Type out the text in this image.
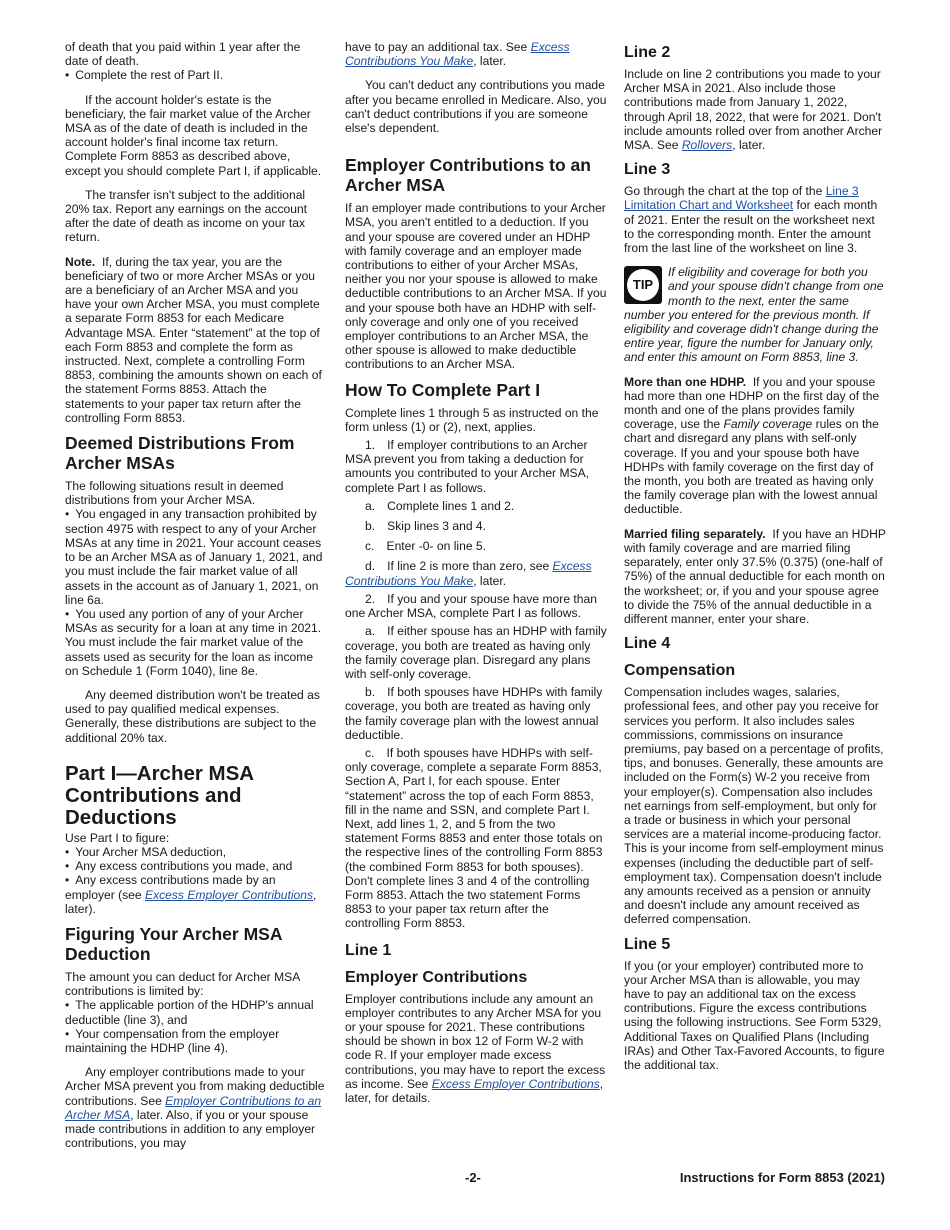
of death that you paid within 1 year after the date of death.

• Complete the rest of Part II.

If the account holder's estate is the beneficiary, the fair market value of the Archer MSA as of the date of death is included in the account holder's final income tax return. Complete Form 8853 as described above, except you should complete Part I, if applicable.

The transfer isn't subject to the additional 20% tax. Report any earnings on the account after the date of death as income on your tax return.

Note. If, during the tax year, you are the beneficiary of two or more Archer MSAs or you are a beneficiary of an Archer MSA and you have your own Archer MSA, you must complete a separate Form 8853 for each Medicare Advantage MSA. Enter “statement” at the top of each Form 8853 and complete the form as instructed. Next, complete a controlling Form 8853, combining the amounts shown on each of the statement Forms 8853. Attach the statements to your paper tax return after the controlling Form 8853.

Deemed Distributions From Archer MSAs

The following situations result in deemed distributions from your Archer MSA.

• You engaged in any transaction prohibited by section 4975 with respect to any of your Archer MSAs at any time in 2021. Your account ceases to be an Archer MSA as of January 1, 2021, and you must include the fair market value of all assets in the account as of January 1, 2021, on line 6a.

• You used any portion of any of your Archer MSAs as security for a loan at any time in 2021. You must include the fair market value of the assets used as security for the loan as income on Schedule 1 (Form 1040), line 8e.

Any deemed distribution won't be treated as used to pay qualified medical expenses. Generally, these distributions are subject to the additional 20% tax.

Part I—Archer MSA Contributions and Deductions

Use Part I to figure:

• Your Archer MSA deduction,

• Any excess contributions you made, and

• Any excess contributions made by an employer (see Excess Employer Contributions, later).

Figuring Your Archer MSA Deduction

The amount you can deduct for Archer MSA contributions is limited by:

• The applicable portion of the HDHP's annual deductible (line 3), and

• Your compensation from the employer maintaining the HDHP (line 4).

Any employer contributions made to your Archer MSA prevent you from making deductible contributions. See Employer Contributions to an Archer MSA, later. Also, if you or your spouse made contributions in addition to any employer contributions, you may

have to pay an additional tax. See Excess Contributions You Make, later.

You can't deduct any contributions you made after you became enrolled in Medicare. Also, you can't deduct contributions if you are someone else's dependent.

Employer Contributions to an Archer MSA

If an employer made contributions to your Archer MSA, you aren't entitled to a deduction. If you and your spouse are covered under an HDHP with family coverage and an employer made contributions to either of your Archer MSAs, neither you nor your spouse is allowed to make deductible contributions to an Archer MSA. If you and your spouse both have an HDHP with self-only coverage and only one of you received employer contributions to an Archer MSA, the other spouse is allowed to make deductible contributions to an Archer MSA.

How To Complete Part I

Complete lines 1 through 5 as instructed on the form unless (1) or (2), next, applies.

1. If employer contributions to an Archer MSA prevent you from taking a deduction for amounts you contributed to your Archer MSA, complete Part I as follows.

a. Complete lines 1 and 2.

b. Skip lines 3 and 4.

c. Enter -0- on line 5.

d. If line 2 is more than zero, see Excess Contributions You Make, later.

2. If you and your spouse have more than one Archer MSA, complete Part I as follows.

a. If either spouse has an HDHP with family coverage, you both are treated as having only the family coverage plan. Disregard any plans with self-only coverage.

b. If both spouses have HDHPs with family coverage, you both are treated as having only the family coverage plan with the lowest annual deductible.

c. If both spouses have HDHPs with self-only coverage, complete a separate Form 8853, Section A, Part I, for each spouse. Enter “statement” across the top of each Form 8853, fill in the name and SSN, and complete Part I. Next, add lines 1, 2, and 5 from the two statement Forms 8853 and enter those totals on the respective lines of the controlling Form 8853 (the combined Form 8853 for both spouses). Don't complete lines 3 and 4 of the controlling Form 8853. Attach the two statement Forms 8853 to your paper tax return after the controlling Form 8853.

Line 1
Employer Contributions

Employer contributions include any amount an employer contributes to any Archer MSA for you or your spouse for 2021. These contributions should be shown in box 12 of Form W-2 with code R. If your employer made excess contributions, you may have to report the excess as income. See Excess Employer Contributions, later, for details.

Line 2

Include on line 2 contributions you made to your Archer MSA in 2021. Also include those contributions made from January 1, 2022, through April 18, 2022, that were for 2021. Don't include amounts rolled over from another Archer MSA. See Rollovers, later.

Line 3

Go through the chart at the top of the Line 3 Limitation Chart and Worksheet for each month of 2021. Enter the result on the worksheet next to the corresponding month. Enter the amount from the last line of the worksheet on line 3.

TIP

If eligibility and coverage for both you and your spouse didn't change from one month to the next, enter the same
number you entered for the previous month. If eligibility and coverage didn't change during the entire year, figure the number for January only, and enter this amount on Form 8853, line 3.

More than one HDHP. If you and your spouse had more than one HDHP on the first day of the month and one of the plans provides family coverage, use the Family coverage rules on the chart and disregard any plans with self-only coverage. If you and your spouse both have HDHPs with family coverage on the first day of the month, you both are treated as having only the family coverage plan with the lowest annual deductible.

Married filing separately. If you have an HDHP with family coverage and are married filing separately, enter only 37.5% (0.375) (one-half of 75%) of the annual deductible for each month on the worksheet; or, if you and your spouse agree to divide the 75% of the annual deductible in a different manner, enter your share.

Line 4
Compensation

Compensation includes wages, salaries, professional fees, and other pay you receive for services you perform. It also includes sales commissions, commissions on insurance premiums, pay based on a percentage of profits, tips, and bonuses. Generally, these amounts are included on the Form(s) W-2 you receive from your employer(s). Compensation also includes net earnings from self-employment, but only for a trade or business in which your personal services are a material income-producing factor. This is your income from self-employment minus expenses (including the deductible part of self-employment tax). Compensation doesn't include any amounts received as a pension or annuity and doesn't include any amount received as deferred compensation.

Line 5

If you (or your employer) contributed more to your Archer MSA than is allowable, you may have to pay an additional tax on the excess contributions. Figure the excess contributions using the following instructions. See Form 5329, Additional Taxes on Qualified Plans (Including IRAs) and Other Tax-Favored Accounts, to figure the additional tax.

-2-	Instructions for Form 8853 (2021)
